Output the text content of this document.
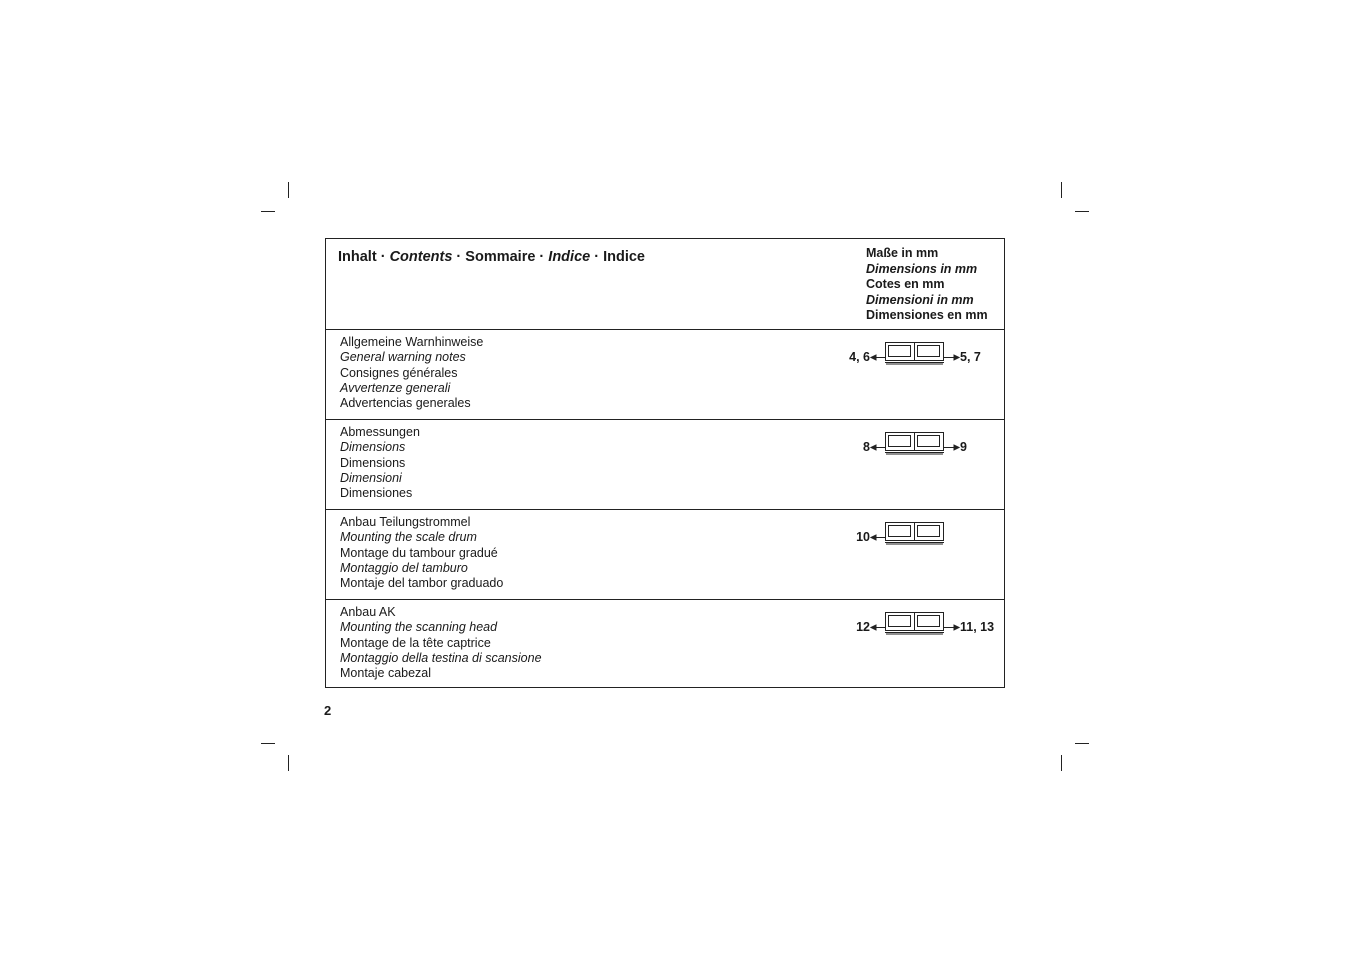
Inhalt · Contents · Sommaire · Indice · Indice	Maße in mm
Dimensions in mm
Cotes en mm
Dimensioni in mm
Dimensiones en mm
Allgemeine Warnhinweise
General warning notes
Consignes générales
Avvertenze generali
Advertencias generales
4, 6	5, 7
Abmessungen
Dimensions
Dimensions
Dimensioni
Dimensiones
8	9
Anbau Teilungstrommel
Mounting the scale drum
Montage du tambour gradué
Montaggio del tamburo
Montaje del tambor graduado
10
Anbau AK
Mounting the scanning head
Montage de la tête captrice
Montaggio della testina di scansione
Montaje cabezal
12	11, 13
2
